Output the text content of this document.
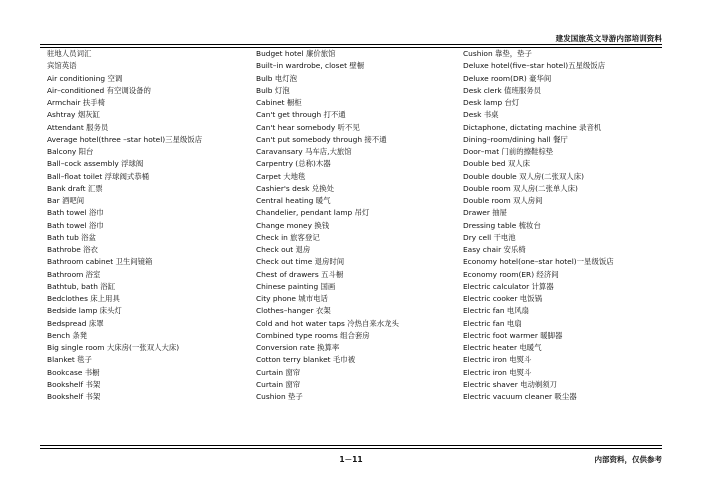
建发国旅英文导游内部培训资料
驻地人员词汇
宾馆英语
Air conditioning 空调
Air–conditioned 有空调设备的
Armchair 扶手椅
Ashtray 烟灰缸
Attendant 服务员
Average hotel(three –star hotel)三星级饭店
Balcony 阳台
Ball–cock assembly 浮球阀
Ball–float toilet 浮球阀式恭桶
Bank draft 汇票
Bar 酒吧间
Bath towel 浴巾
Bath towel 浴巾
Bath tub 浴盆
Bathrobe 浴衣
Bathroom cabinet 卫生间镜箱
Bathroom 浴室
Bathtub, bath 浴缸
Bedclothes 床上用具
Bedside lamp 床头灯
Bedspread 床罩
Bench 条凳
Big single room 大床房(一张双人大床)
Blanket 毯子
Bookcase 书橱
Bookshelf 书架
Bookshelf 书架
Budget hotel 廉价旅馆
Built–in wardrobe, closet 壁橱
Bulb 电灯泡
Bulb 灯泡
Cabinet 橱柜
Can't get through 打不通
Can't hear somebody 听不见
Can't put somebody through 接不通
Caravansary 马车店,大旅馆
Carpentry (总称)木器
Carpet 大地毯
Cashier's desk 兑换处
Central heating 暖气
Chandelier, pendant lamp 吊灯
Change money 换钱
Check in 旅客登记
Check out 退房
Check out time 退房时间
Chest of drawers 五斗橱
Chinese painting 国画
City phone 城市电话
Clothes–hanger 衣架
Cold and hot water taps 冷热自来水龙头
Combined type rooms 组合套房
Conversion rate 换算率
Cotton terry blanket 毛巾被
Curtain 窗帘
Curtain 窗帘
Cushion 垫子
Cushion 靠垫，垫子
Deluxe hotel(five–star hotel)五星级饭店
Deluxe room(DR) 豪华间
Desk clerk 值班服务员
Desk lamp 台灯
Desk 书桌
Dictaphone, dictating machine 录音机
Dining–room/dining hall 餐厅
Door–mat 门前的擦鞋棕垫
Double bed 双人床
Double double 双人房(二张双人床)
Double room 双人房(二张单人床)
Double room 双人房间
Drawer 抽屉
Dressing table 梳妆台
Dry cell 干电池
Easy chair 安乐椅
Economy hotel(one–star hotel)一星级饭店
Economy room(ER) 经济间
Electric calculator 计算器
Electric cooker 电饭锅
Electric fan 电风扇
Electric fan 电扇
Electric foot warmer 暖脚器
Electric heater 电暖气
Electric iron 电熨斗
Electric iron 电熨斗
Electric shaver 电动剃须刀
Electric vacuum cleaner 吸尘器
1－11	内部资料，仅供参考
